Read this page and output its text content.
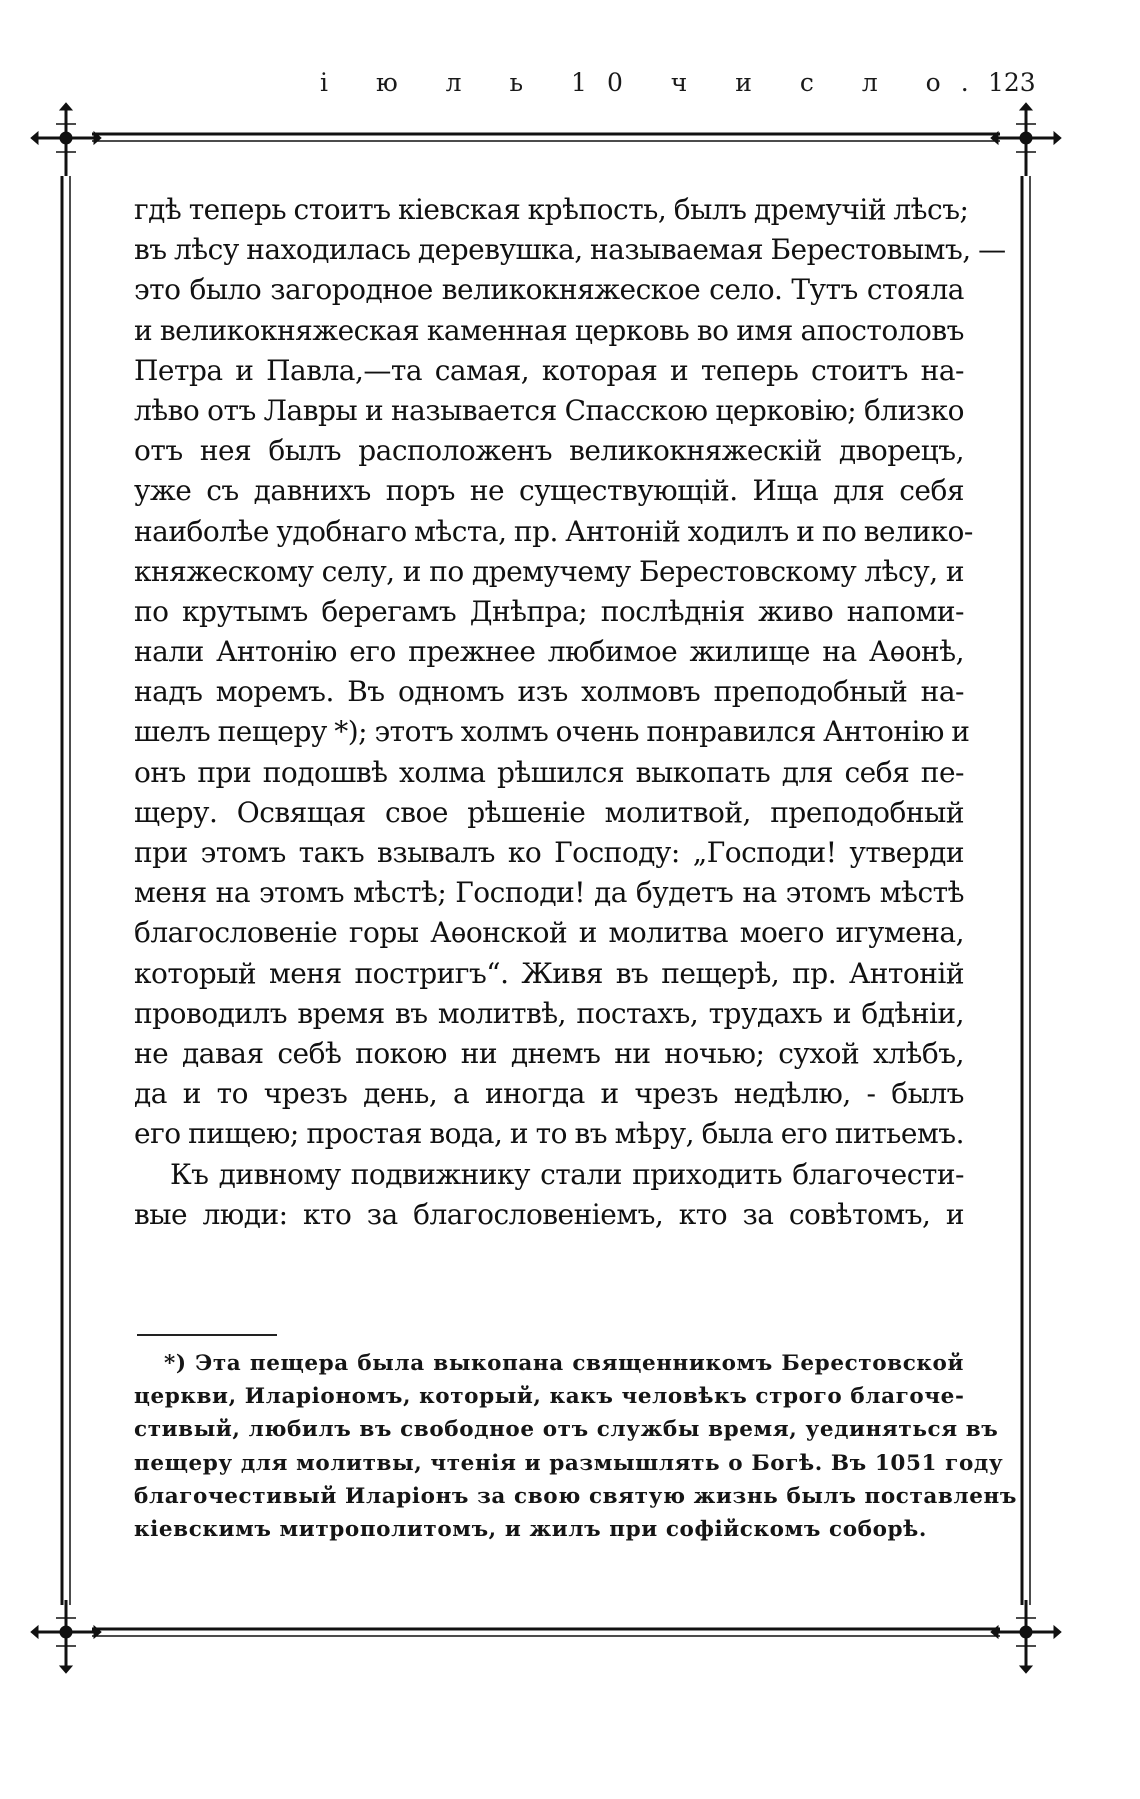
і ю л ь 10 ч и с л о. 123
гдѣ теперь стоитъ кіевская крѣпость, былъ дремучій лѣсъ;
въ лѣсу находилась деревушка, называемая Берестовымъ, —
это было загородное великокняжеское село. Тутъ стояла
и великокняжеская каменная церковь во имя апостоловъ
Петра и Павла,—та самая, которая и теперь стоитъ на-
лѣво отъ Лавры и называется Спасскою церковію; близко
отъ нея былъ расположенъ великокняжескій дворецъ,
уже съ давнихъ поръ не существующій. Ища для себя
наиболѣе удобнаго мѣста, пр. Антоній ходилъ и по велико-
княжескому селу, и по дремучему Берестовскому лѣсу, и
по крутымъ берегамъ Днѣпра; послѣднія живо напоми-
нали Антонію его прежнее любимое жилище на Аѳонѣ,
надъ моремъ. Въ одномъ изъ холмовъ преподобный на-
шелъ пещеру *); этотъ холмъ очень понравился Антонію и
онъ при подошвѣ холма рѣшился выкопать для себя пе-
щеру. Освящая свое рѣшеніе молитвой, преподобный
при этомъ такъ взывалъ ко Господу: „Господи! утверди
меня на этомъ мѣстѣ; Господи! да будетъ на этомъ мѣстѣ
благословеніе горы Аѳонской и молитва моего игумена,
который меня постригъ“. Живя въ пещерѣ, пр. Антоній
проводилъ время въ молитвѣ, постахъ, трудахъ и бдѣніи,
не давая себѣ покою ни днемъ ни ночью; сухой хлѣбъ,
да и то чрезъ день, а иногда и чрезъ недѣлю, - былъ
его пищею; простая вода, и то въ мѣру, была его питьемъ.
Къ дивному подвижнику стали приходить благочести-
вые люди: кто за благословеніемъ, кто за совѣтомъ, и
*) Эта пещера была выкопана священникомъ Берестовской
церкви, Иларіономъ, который, какъ человѣкъ строго благоче-
стивый, любилъ въ свободное отъ службы время, уединяться въ
пещеру для молитвы, чтенія и размышлять о Богѣ. Въ 1051 году
благочестивый Иларіонъ за свою святую жизнь былъ поставленъ
кіевскимъ митрополитомъ, и жилъ при софійскомъ соборѣ.
